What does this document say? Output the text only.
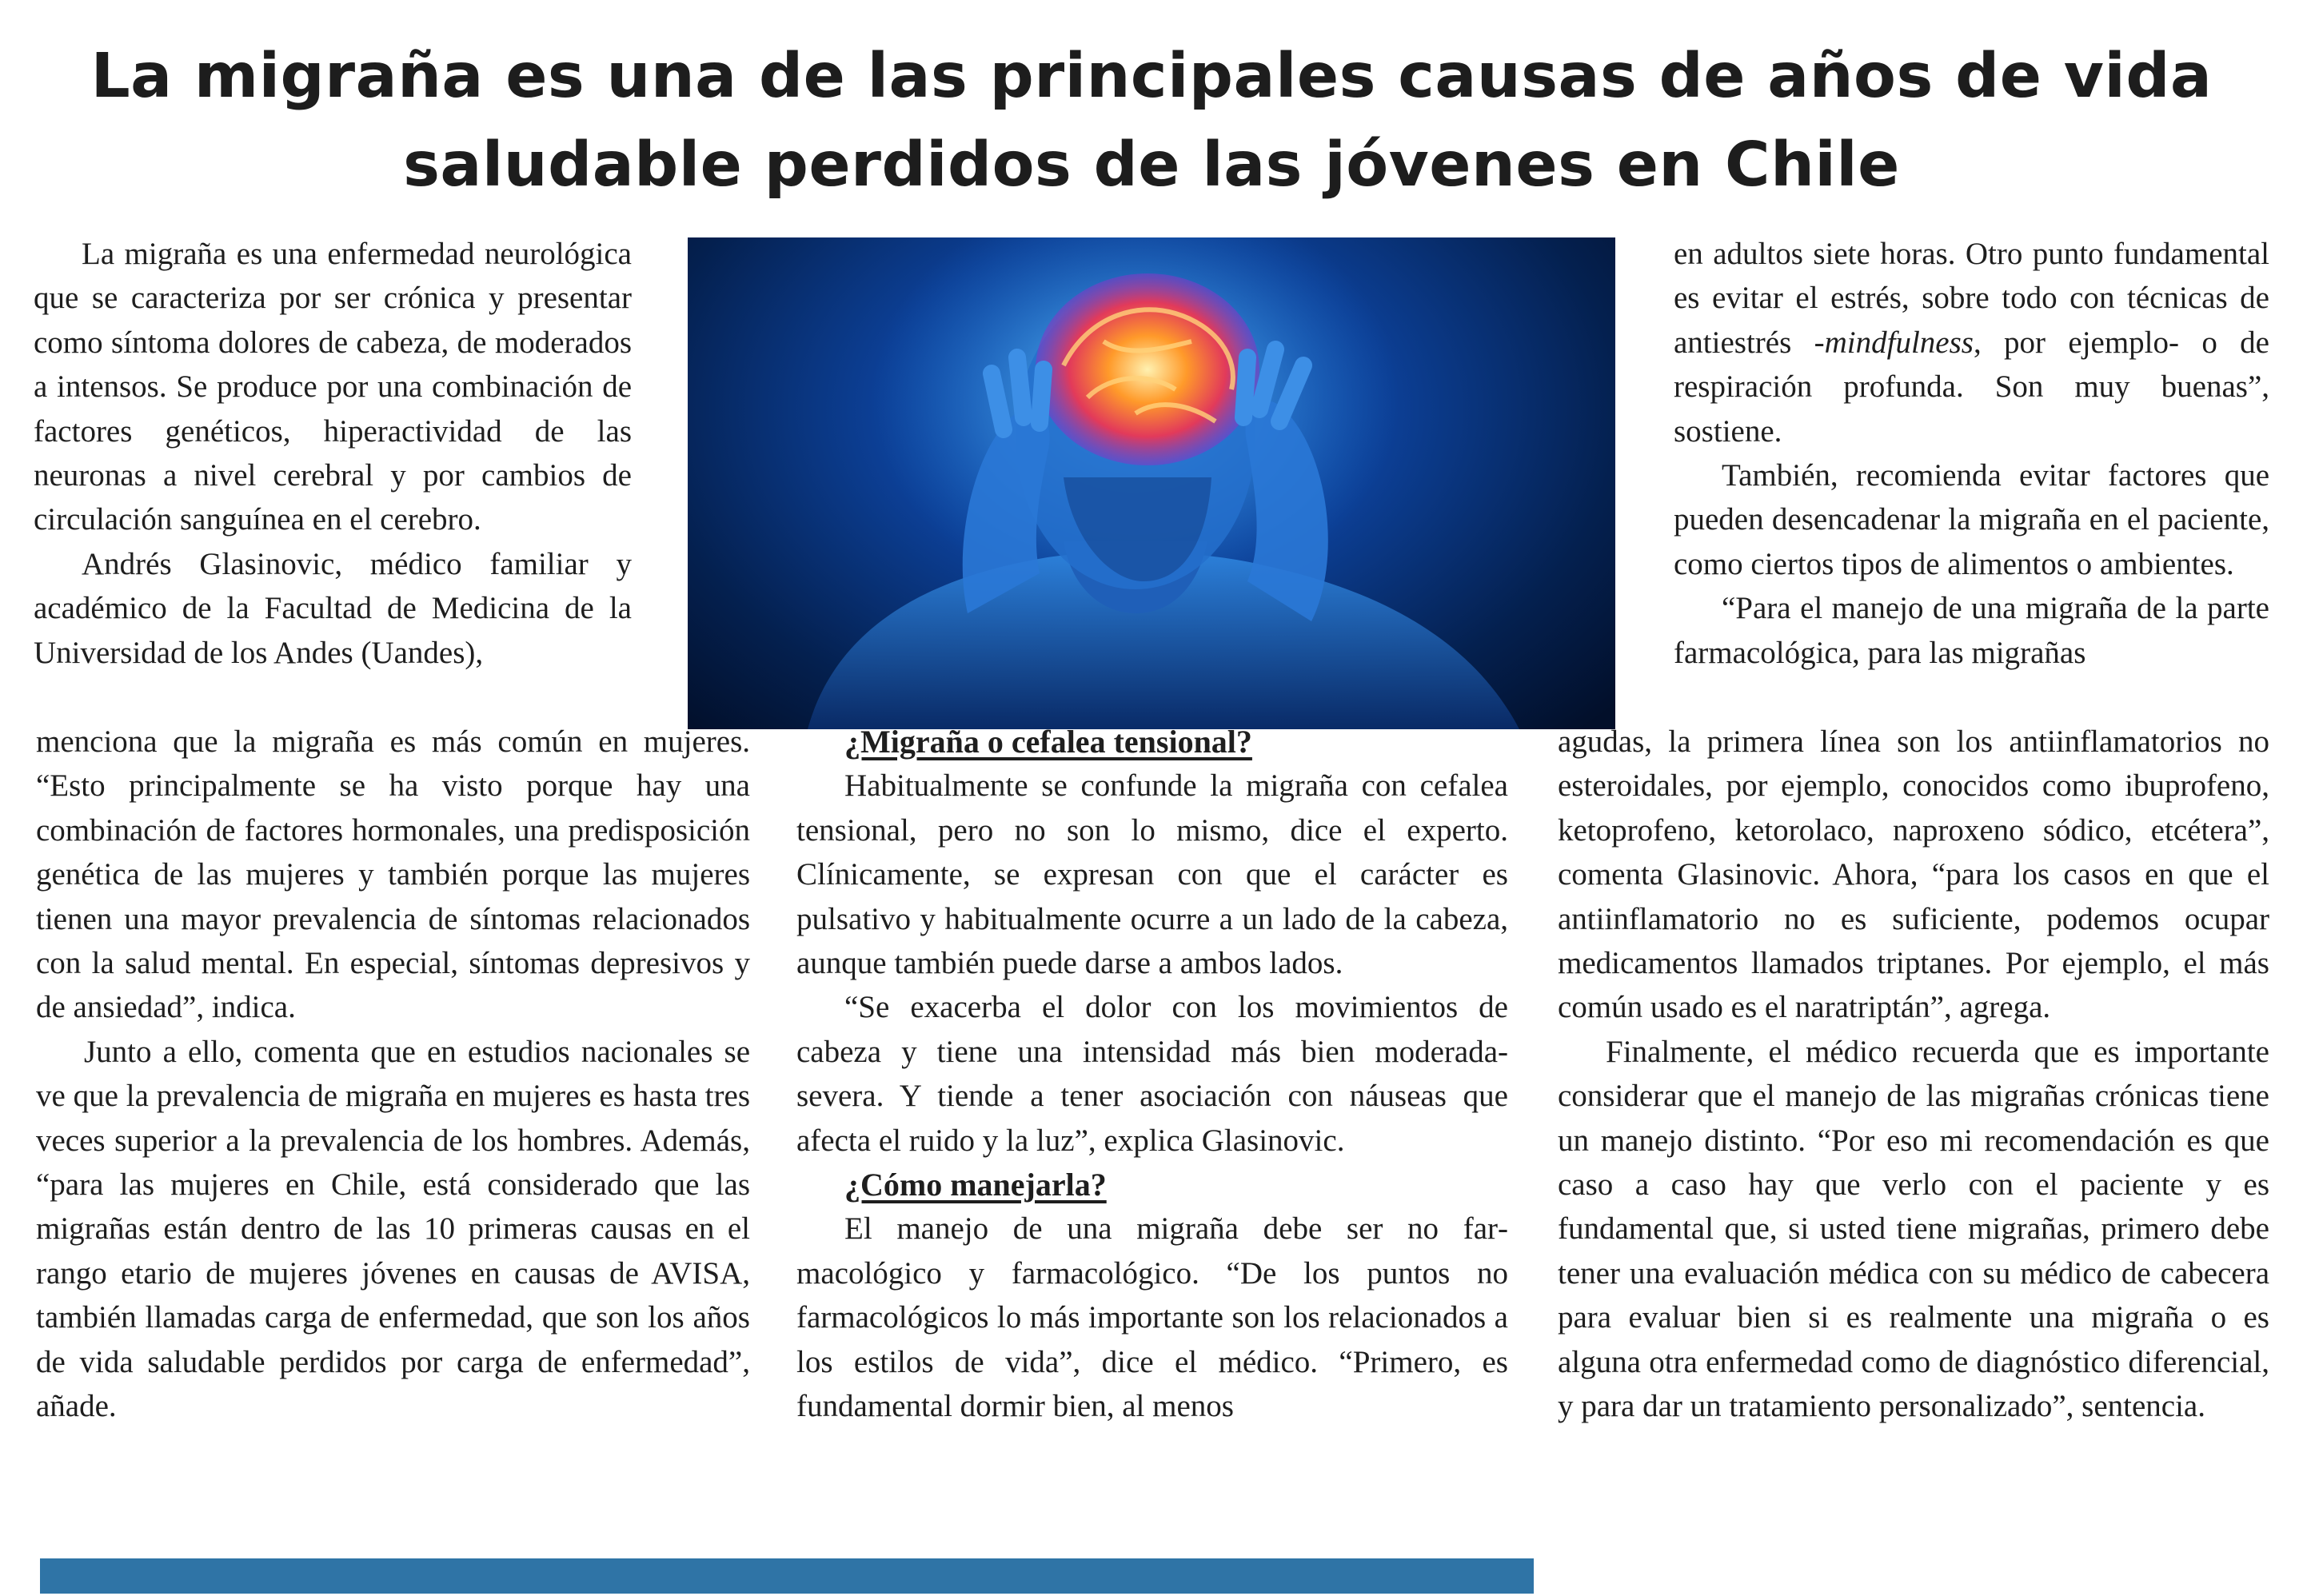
La migraña es una de las principales causas de años de vida saludable perdidos de las jóvenes en Chile

La migraña es una enfermedad neurológica que se caracteriza por ser crónica y presentar como síntoma dolores de cabeza, de moderados a intensos. Se produce por una combinación de factores genéticos, hiperactividad de las neuronas a nivel cerebral y por cambios de circulación sanguínea en el cerebro.

Andrés Glasinovic, médico familiar y académico de la Facultad de Medicina de la Universidad de los Andes (Uandes),

menciona que la migraña es más común en mujeres. “Esto principalmente se ha visto porque hay una combinación de factores hormonales, una predisposición genética de las mujeres y también porque las mujeres tienen una mayor prevalencia de síntomas relacionados con la salud mental. En especial, síntomas depresivos y de ansiedad”, indica.

Junto a ello, comenta que en estudios nacionales se ve que la prevalencia de migraña en mujeres es hasta tres veces superior a la prevalencia de los hombres. Además, “para las mujeres en Chile, está considerado que las migrañas están dentro de las 10 primeras causas en el rango etario de mujeres jóvenes en causas de AVISA, también llamadas carga de enfermedad, que son los años de vida saludable perdidos por carga de enfermedad”, añade.

¿Migraña o cefalea tensional?

Habitualmente se confunde la migraña con cefalea tensional, pero no son lo mismo, dice el experto. Clínicamente, se expresan con que el carácter es pulsativo y habitualmente ocurre a un lado de la cabeza, aunque también puede darse a ambos lados.

“Se exacerba el dolor con los movimientos de cabeza y tiene una intensidad más bien moderada-severa. Y tiende a tener asociación con náuseas que afecta el ruido y la luz”, explica Glasinovic.

¿Cómo manejarla?

El manejo de una migraña debe ser no farmacológico y farmacológico. “De los puntos no farmacológicos lo más importante son los relacionados a los estilos de vida”, dice el médico. “Primero, es fundamental dormir bien, al menos

en adultos siete horas. Otro punto fundamental es evitar el estrés, sobre todo con técnicas de antiestrés -mindfulness, por ejemplo- o de respiración profunda. Son muy buenas”, sostiene.

También, recomienda evitar factores que pueden desencadenar la migraña en el paciente, como ciertos tipos de alimentos o ambientes.

“Para el manejo de una migraña de la parte farmacológica, para las migrañas

agudas, la primera línea son los antiinflamatorios no esteroidales, por ejemplo, conocidos como ibuprofeno, ketoprofeno, ketorolaco, naproxeno sódico, etcétera”, comenta Glasinovic. Ahora, “para los casos en que el antiinflamatorio no es suficiente, podemos ocupar medicamentos llamados triptanes. Por ejemplo, el más común usado es el naratriptán”, agrega.

Finalmente, el médico recuerda que es importante considerar que el manejo de las migrañas crónicas tiene un manejo distinto. “Por eso mi recomendación es que caso a caso hay que verlo con el paciente y es fundamental que, si usted tiene migrañas, primero debe tener una evaluación médica con su médico de cabecera para evaluar bien si es realmente una migraña o es alguna otra enfermedad como de diagnóstico diferencial, y para dar un tratamiento personalizado”, sentencia.
